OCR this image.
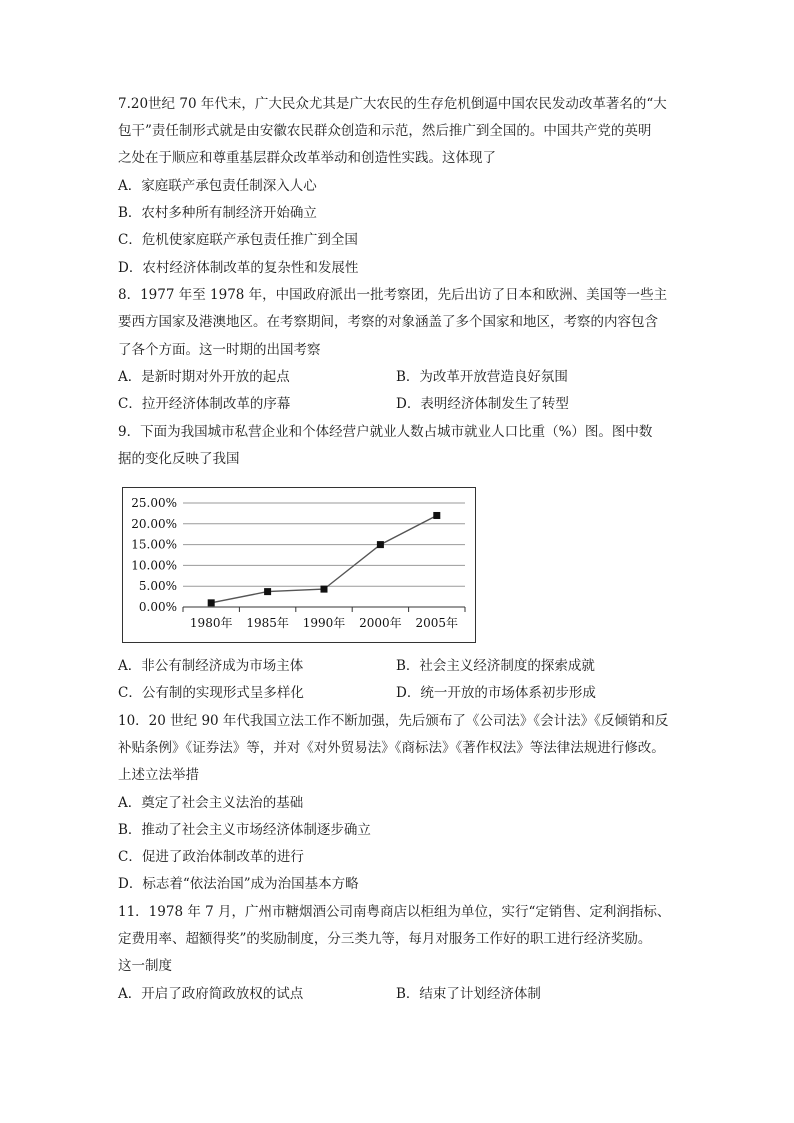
7.20世纪 70 年代末，广大民众尤其是广大农民的生存危机倒逼中国农民发动改革著名的“大
包干”责任制形式就是由安徽农民群众创造和示范，然后推广到全国的。中国共产党的英明
之处在于顺应和尊重基层群众改革举动和创造性实践。这体现了
A．家庭联产承包责任制深入人心
B．农村多种所有制经济开始确立
C．危机使家庭联产承包责任推广到全国
D．农村经济体制改革的复杂性和发展性
8．1977 年至 1978 年，中国政府派出一批考察团，先后出访了日本和欧洲、美国等一些主
要西方国家及港澳地区。在考察期间，考察的对象涵盖了多个国家和地区，考察的内容包含
了各个方面。这一时期的出国考察
A．是新时期对外开放的起点	B．为改革开放营造良好氛围
C．拉开经济体制改革的序幕	D．表明经济体制发生了转型
9．下面为我国城市私营企业和个体经营户就业人数占城市就业人口比重（%）图。图中数
据的变化反映了我国
0.00%
5.00%
10.00%
15.00%
20.00%
25.00%
1980年 1985年 1990年 2000年 2005年
A．非公有制经济成为市场主体	B．社会主义经济制度的探索成就
C．公有制的实现形式呈多样化	D．统一开放的市场体系初步形成
10．20 世纪 90 年代我国立法工作不断加强，先后颁布了《公司法》《会计法》《反倾销和反
补贴条例》《证券法》等，并对《对外贸易法》《商标法》《著作权法》等法律法规进行修改。
上述立法举措
A．奠定了社会主义法治的基础
B．推动了社会主义市场经济体制逐步确立
C．促进了政治体制改革的进行
D．标志着“依法治国”成为治国基本方略
11．1978 年 7 月，广州市糖烟酒公司南粤商店以柜组为单位，实行“定销售、定利润指标、
定费用率、超额得奖”的奖励制度，分三类九等，每月对服务工作好的职工进行经济奖励。
这一制度
A．开启了政府简政放权的试点	B．结束了计划经济体制
